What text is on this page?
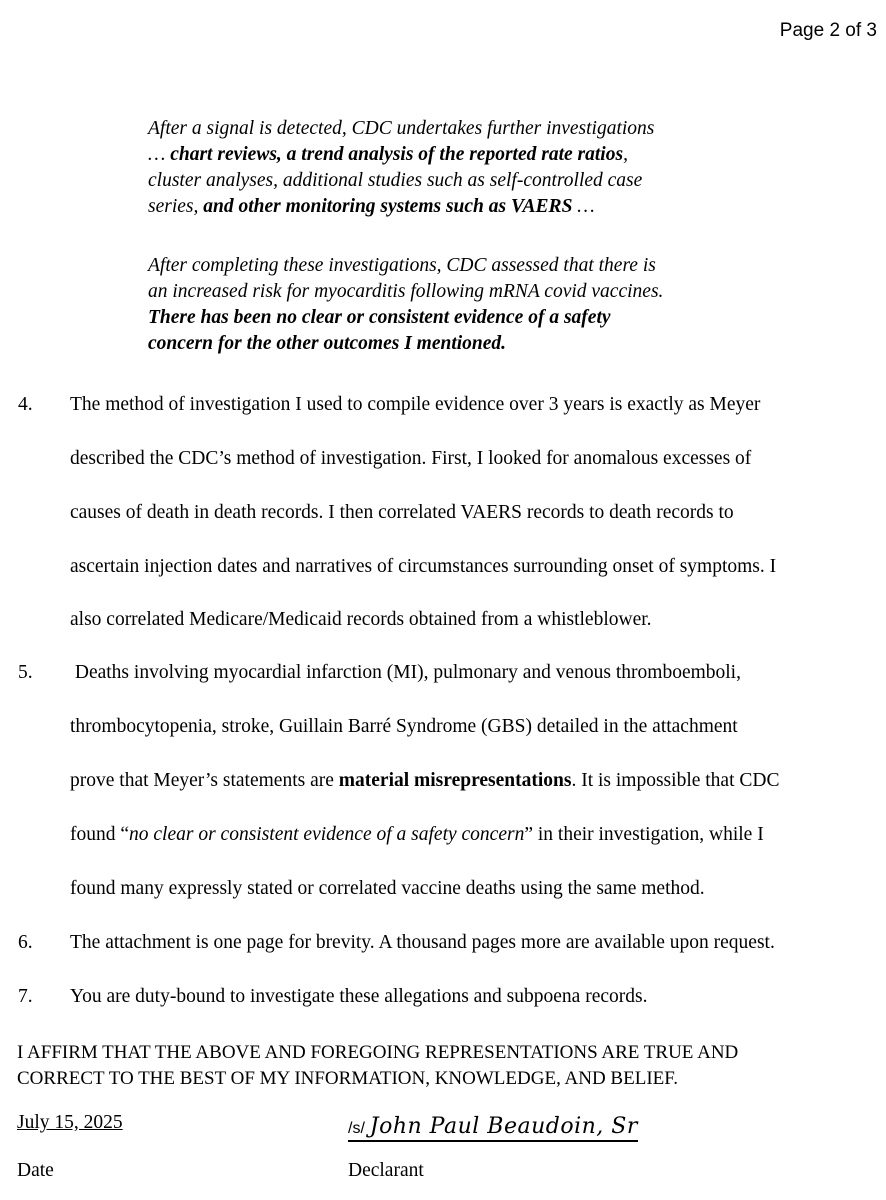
Page 2 of 3
After a signal is detected, CDC undertakes further investigations
… chart reviews, a trend analysis of the reported rate ratios,
cluster analyses, additional studies such as self-controlled case
series, and other monitoring systems such as VAERS …
After completing these investigations, CDC assessed that there is
an increased risk for myocarditis following mRNA covid vaccines.
There has been no clear or consistent evidence of a safety
concern for the other outcomes I mentioned.
4. The method of investigation I used to compile evidence over 3 years is exactly as Meyer
described the CDC’s method of investigation. First, I looked for anomalous excesses of
causes of death in death records. I then correlated VAERS records to death records to
ascertain injection dates and narratives of circumstances surrounding onset of symptoms. I
also correlated Medicare/Medicaid records obtained from a whistleblower.
5. Deaths involving myocardial infarction (MI), pulmonary and venous thromboemboli,
thrombocytopenia, stroke, Guillain Barré Syndrome (GBS) detailed in the attachment
prove that Meyer’s statements are material misrepresentations. It is impossible that CDC
found “no clear or consistent evidence of a safety concern” in their investigation, while I
found many expressly stated or correlated vaccine deaths using the same method.
6. The attachment is one page for brevity. A thousand pages more are available upon request.
7. You are duty-bound to investigate these allegations and subpoena records.
I AFFIRM THAT THE ABOVE AND FOREGOING REPRESENTATIONS ARE TRUE AND
CORRECT TO THE BEST OF MY INFORMATION, KNOWLEDGE, AND BELIEF.
July 15, 2025	/s/ John Paul Beaudoin, Sr
Date	Declarant
